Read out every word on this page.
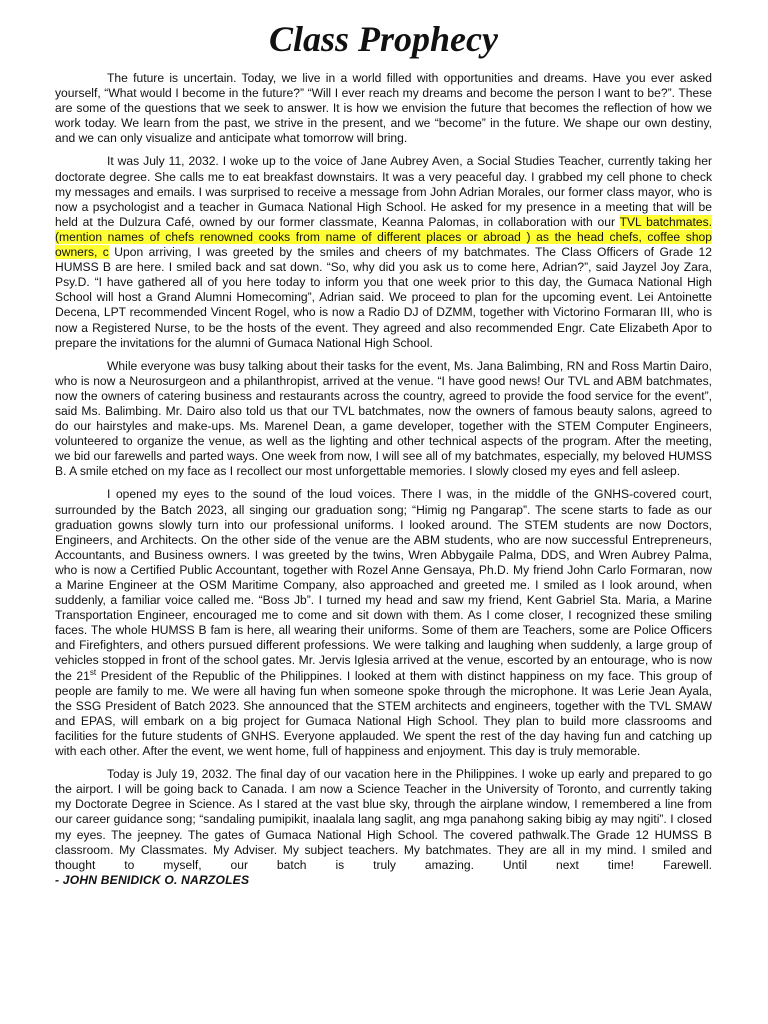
Class Prophecy

The future is uncertain. Today, we live in a world filled with opportunities and dreams. Have you ever asked yourself, “What would I become in the future?” “Will I ever reach my dreams and become the person I want to be?”. These are some of the questions that we seek to answer. It is how we envision the future that becomes the reflection of how we work today. We learn from the past, we strive in the present, and we “become” in the future. We shape our own destiny, and we can only visualize and anticipate what tomorrow will bring.

It was July 11, 2032. I woke up to the voice of Jane Aubrey Aven, a Social Studies Teacher, currently taking her doctorate degree. She calls me to eat breakfast downstairs. It was a very peaceful day. I grabbed my cell phone to check my messages and emails. I was surprised to receive a message from John Adrian Morales, our former class mayor, who is now a psychologist and a teacher in Gumaca National High School. He asked for my presence in a meeting that will be held at the Dulzura Café, owned by our former classmate, Keanna Palomas, in collaboration with our TVL batchmates. (mention names of chefs renowned cooks from name of different places or abroad ) as the head chefs, coffee shop owners, c Upon arriving, I was greeted by the smiles and cheers of my batchmates. The Class Officers of Grade 12 HUMSS B are here. I smiled back and sat down. “So, why did you ask us to come here, Adrian?”, said Jayzel Joy Zara, Psy.D. “I have gathered all of you here today to inform you that one week prior to this day, the Gumaca National High School will host a Grand Alumni Homecoming”, Adrian said. We proceed to plan for the upcoming event. Lei Antoinette Decena, LPT recommended Vincent Rogel, who is now a Radio DJ of DZMM, together with Victorino Formaran III, who is now a Registered Nurse, to be the hosts of the event. They agreed and also recommended Engr. Cate Elizabeth Apor to prepare the invitations for the alumni of Gumaca National High School.

While everyone was busy talking about their tasks for the event, Ms. Jana Balimbing, RN and Ross Martin Dairo, who is now a Neurosurgeon and a philanthropist, arrived at the venue. “I have good news! Our TVL and ABM batchmates, now the owners of catering business and restaurants across the country, agreed to provide the food service for the event”, said Ms. Balimbing. Mr. Dairo also told us that our TVL batchmates, now the owners of famous beauty salons, agreed to do our hairstyles and make-ups. Ms. Marenel Dean, a game developer, together with the STEM Computer Engineers, volunteered to organize the venue, as well as the lighting and other technical aspects of the program. After the meeting, we bid our farewells and parted ways. One week from now, I will see all of my batchmates, especially, my beloved HUMSS B. A smile etched on my face as I recollect our most unforgettable memories. I slowly closed my eyes and fell asleep.

I opened my eyes to the sound of the loud voices. There I was, in the middle of the GNHS-covered court, surrounded by the Batch 2023, all singing our graduation song; “Himig ng Pangarap”. The scene starts to fade as our graduation gowns slowly turn into our professional uniforms. I looked around. The STEM students are now Doctors, Engineers, and Architects. On the other side of the venue are the ABM students, who are now successful Entrepreneurs, Accountants, and Business owners. I was greeted by the twins, Wren Abbygaile Palma, DDS, and Wren Aubrey Palma, who is now a Certified Public Accountant, together with Rozel Anne Gensaya, Ph.D. My friend John Carlo Formaran, now a Marine Engineer at the OSM Maritime Company, also approached and greeted me. I smiled as I look around, when suddenly, a familiar voice called me. “Boss Jb”. I turned my head and saw my friend, Kent Gabriel Sta. Maria, a Marine Transportation Engineer, encouraged me to come and sit down with them. As I come closer, I recognized these smiling faces. The whole HUMSS B fam is here, all wearing their uniforms. Some of them are Teachers, some are Police Officers and Firefighters, and others pursued different professions. We were talking and laughing when suddenly, a large group of vehicles stopped in front of the school gates. Mr. Jervis Iglesia arrived at the venue, escorted by an entourage, who is now the 21st President of the Republic of the Philippines. I looked at them with distinct happiness on my face. This group of people are family to me. We were all having fun when someone spoke through the microphone. It was Lerie Jean Ayala, the SSG President of Batch 2023. She announced that the STEM architects and engineers, together with the TVL SMAW and EPAS, will embark on a big project for Gumaca National High School. They plan to build more classrooms and facilities for the future students of GNHS. Everyone applauded. We spent the rest of the day having fun and catching up with each other. After the event, we went home, full of happiness and enjoyment. This day is truly memorable.

Today is July 19, 2032. The final day of our vacation here in the Philippines. I woke up early and prepared to go the airport. I will be going back to Canada. I am now a Science Teacher in the University of Toronto, and currently taking my Doctorate Degree in Science. As I stared at the vast blue sky, through the airplane window, I remembered a line from our career guidance song; “sandaling pumipikit, inaalala lang saglit, ang mga panahong saking bibig ay may ngiti”. I closed my eyes. The jeepney. The gates of Gumaca National High School. The covered pathwalk.The Grade 12 HUMSS B classroom. My Classmates. My Adviser. My subject teachers. My batchmates. They are all in my mind. I smiled and thought to myself, our batch is truly amazing. Until next time! Farewell.

- JOHN BENIDICK O. NARZOLES
